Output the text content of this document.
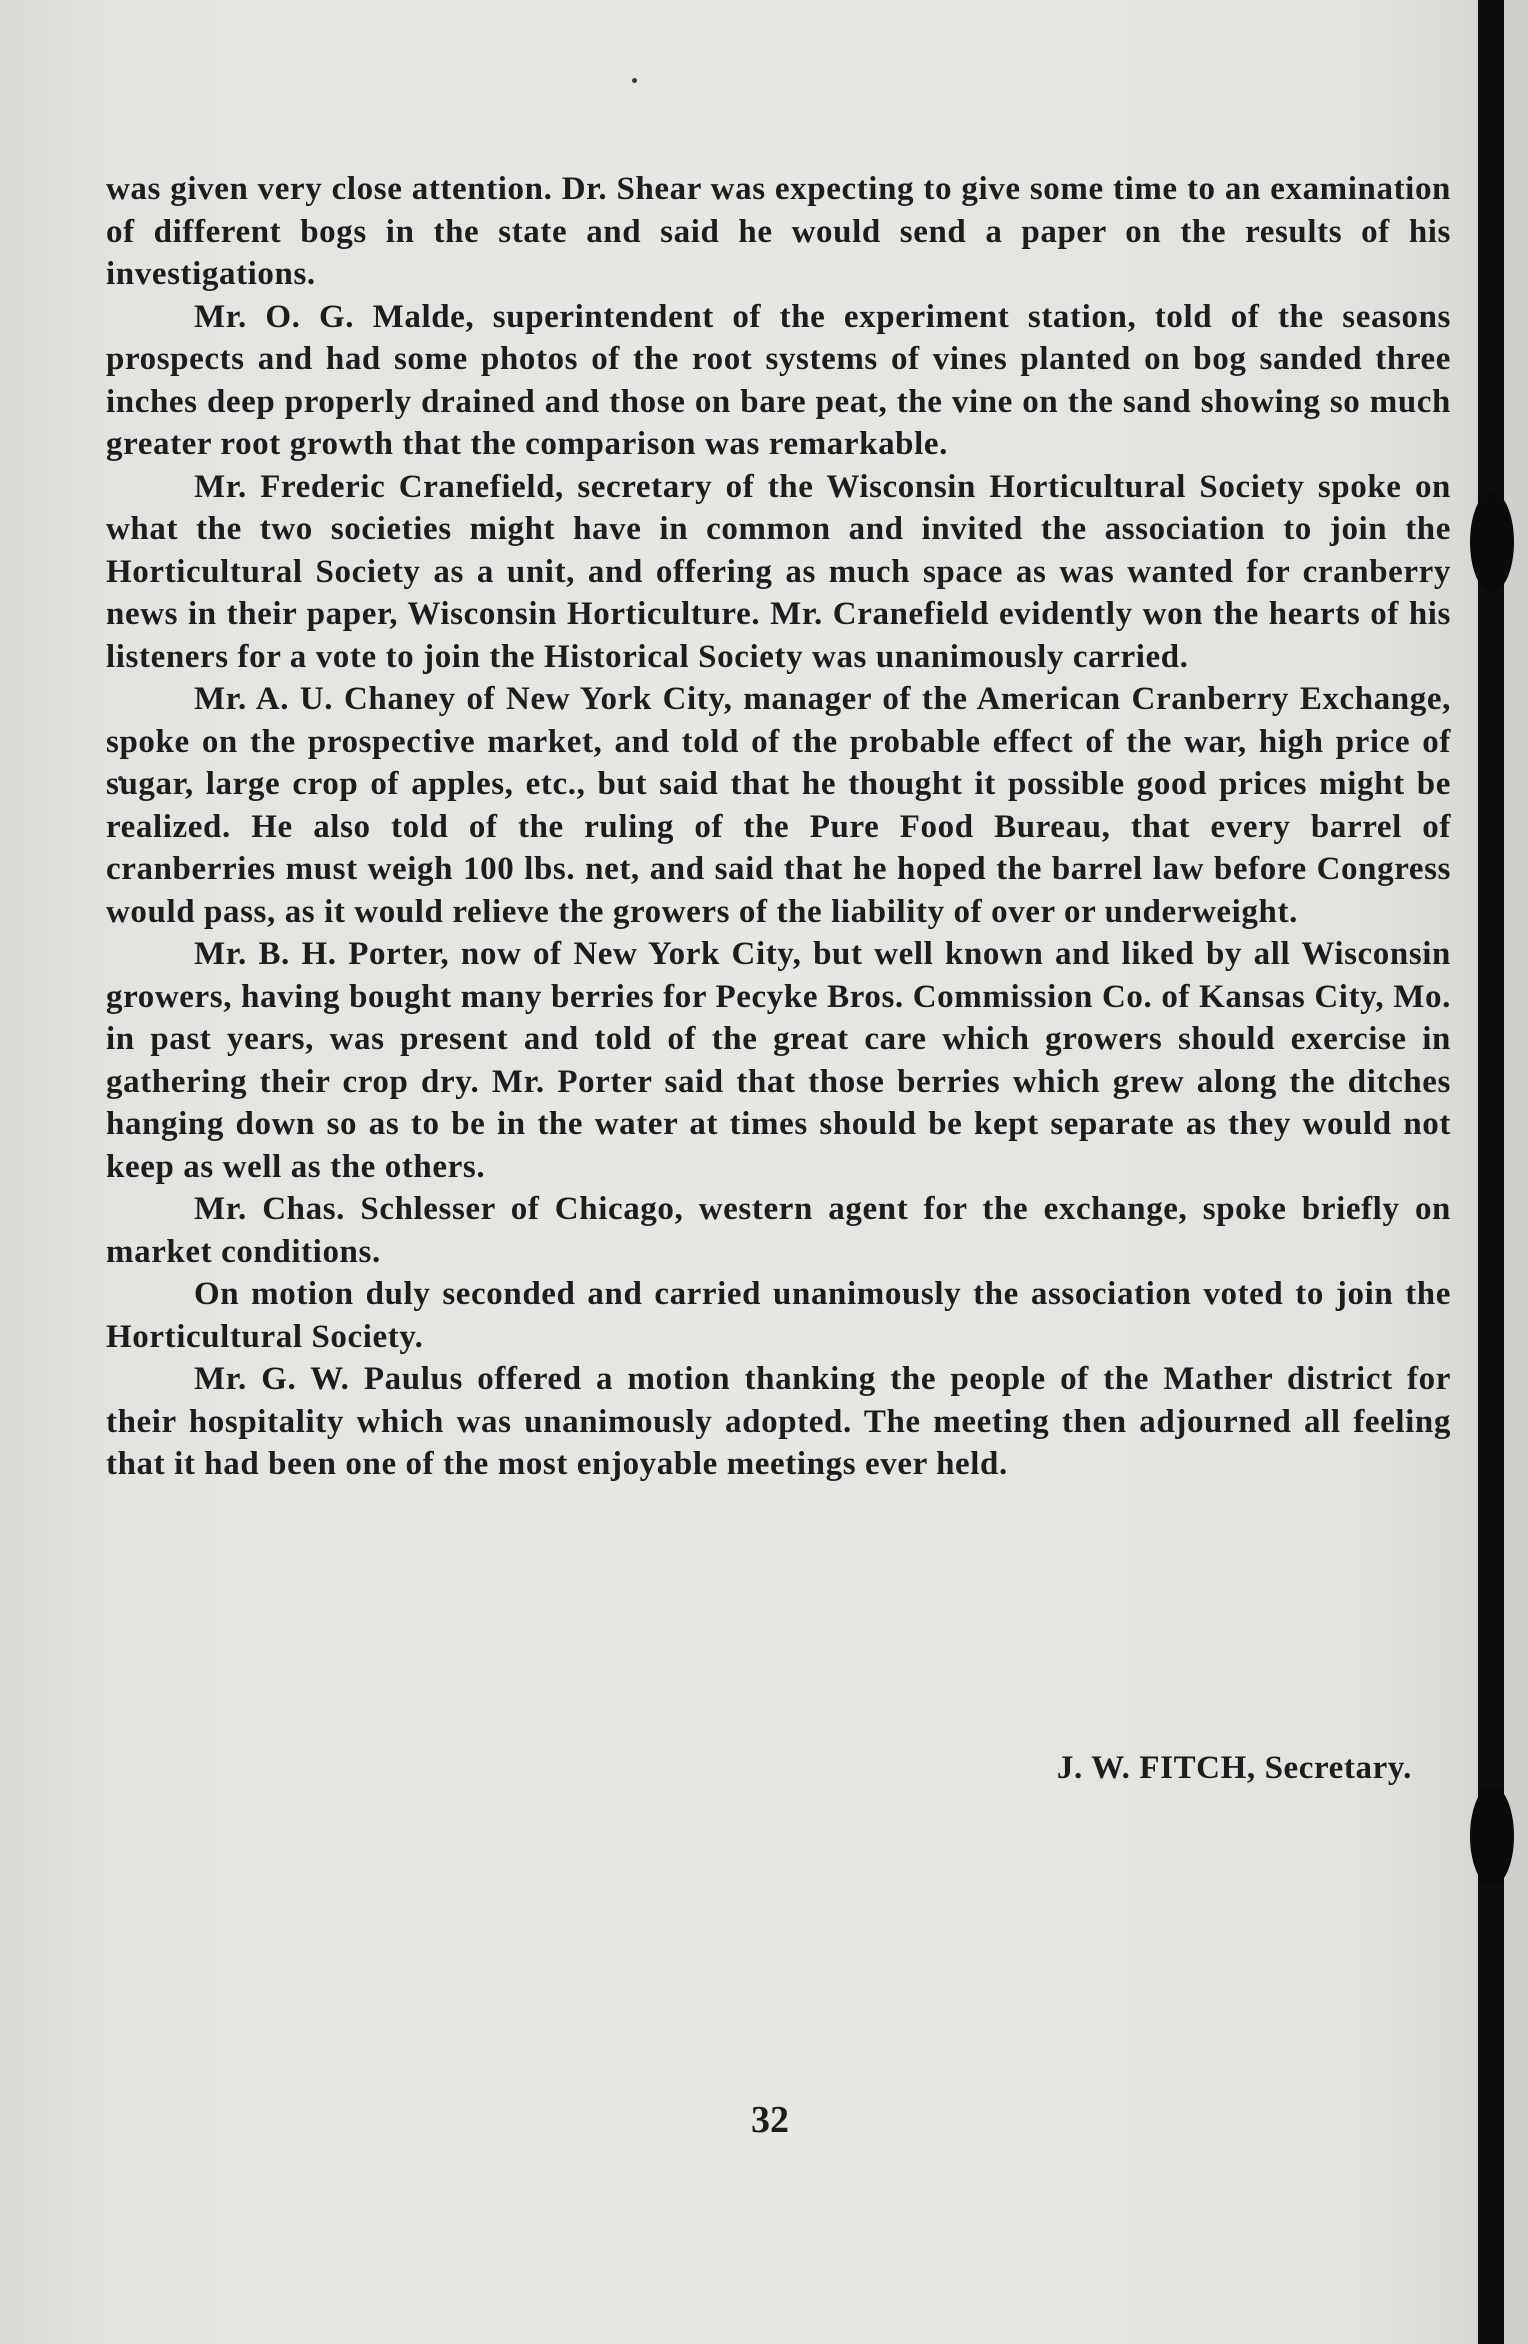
was given very close attention. Dr. Shear was expecting to give some time to an examination of different bogs in the state and said he would send a paper on the results of his investigations.

Mr. O. G. Malde, superintendent of the experiment station, told of the seasons prospects and had some photos of the root systems of vines planted on bog sanded three inches deep properly drained and those on bare peat, the vine on the sand showing so much greater root growth that the comparison was remarkable.

Mr. Frederic Cranefield, secretary of the Wisconsin Horticultural Society spoke on what the two societies might have in common and invited the association to join the Horticultural Society as a unit, and offering as much space as was wanted for cranberry news in their paper, Wisconsin Horticulture. Mr. Cranefield evidently won the hearts of his listeners for a vote to join the Historical Society was unanimously carried.

Mr. A. U. Chaney of New York City, manager of the American Cranberry Exchange, spoke on the prospective market, and told of the probable effect of the war, high price of sugar, large crop of apples, etc., but said that he thought it possible good prices might be realized. He also told of the ruling of the Pure Food Bureau, that every barrel of cranberries must weigh 100 lbs. net, and said that he hoped the barrel law before Congress would pass, as it would relieve the growers of the liability of over or underweight.

Mr. B. H. Porter, now of New York City, but well known and liked by all Wisconsin growers, having bought many berries for Pecyke Bros. Commission Co. of Kansas City, Mo. in past years, was present and told of the great care which growers should exercise in gathering their crop dry. Mr. Porter said that those berries which grew along the ditches hanging down so as to be in the water at times should be kept separate as they would not keep as well as the others.

Mr. Chas. Schlesser of Chicago, western agent for the exchange, spoke briefly on market conditions.

On motion duly seconded and carried unanimously the association voted to join the Horticultural Society.

Mr. G. W. Paulus offered a motion thanking the people of the Mather district for their hospitality which was unanimously adopted. The meeting then adjourned all feeling that it had been one of the most enjoyable meetings ever held.

J. W. FITCH, Secretary.
32
